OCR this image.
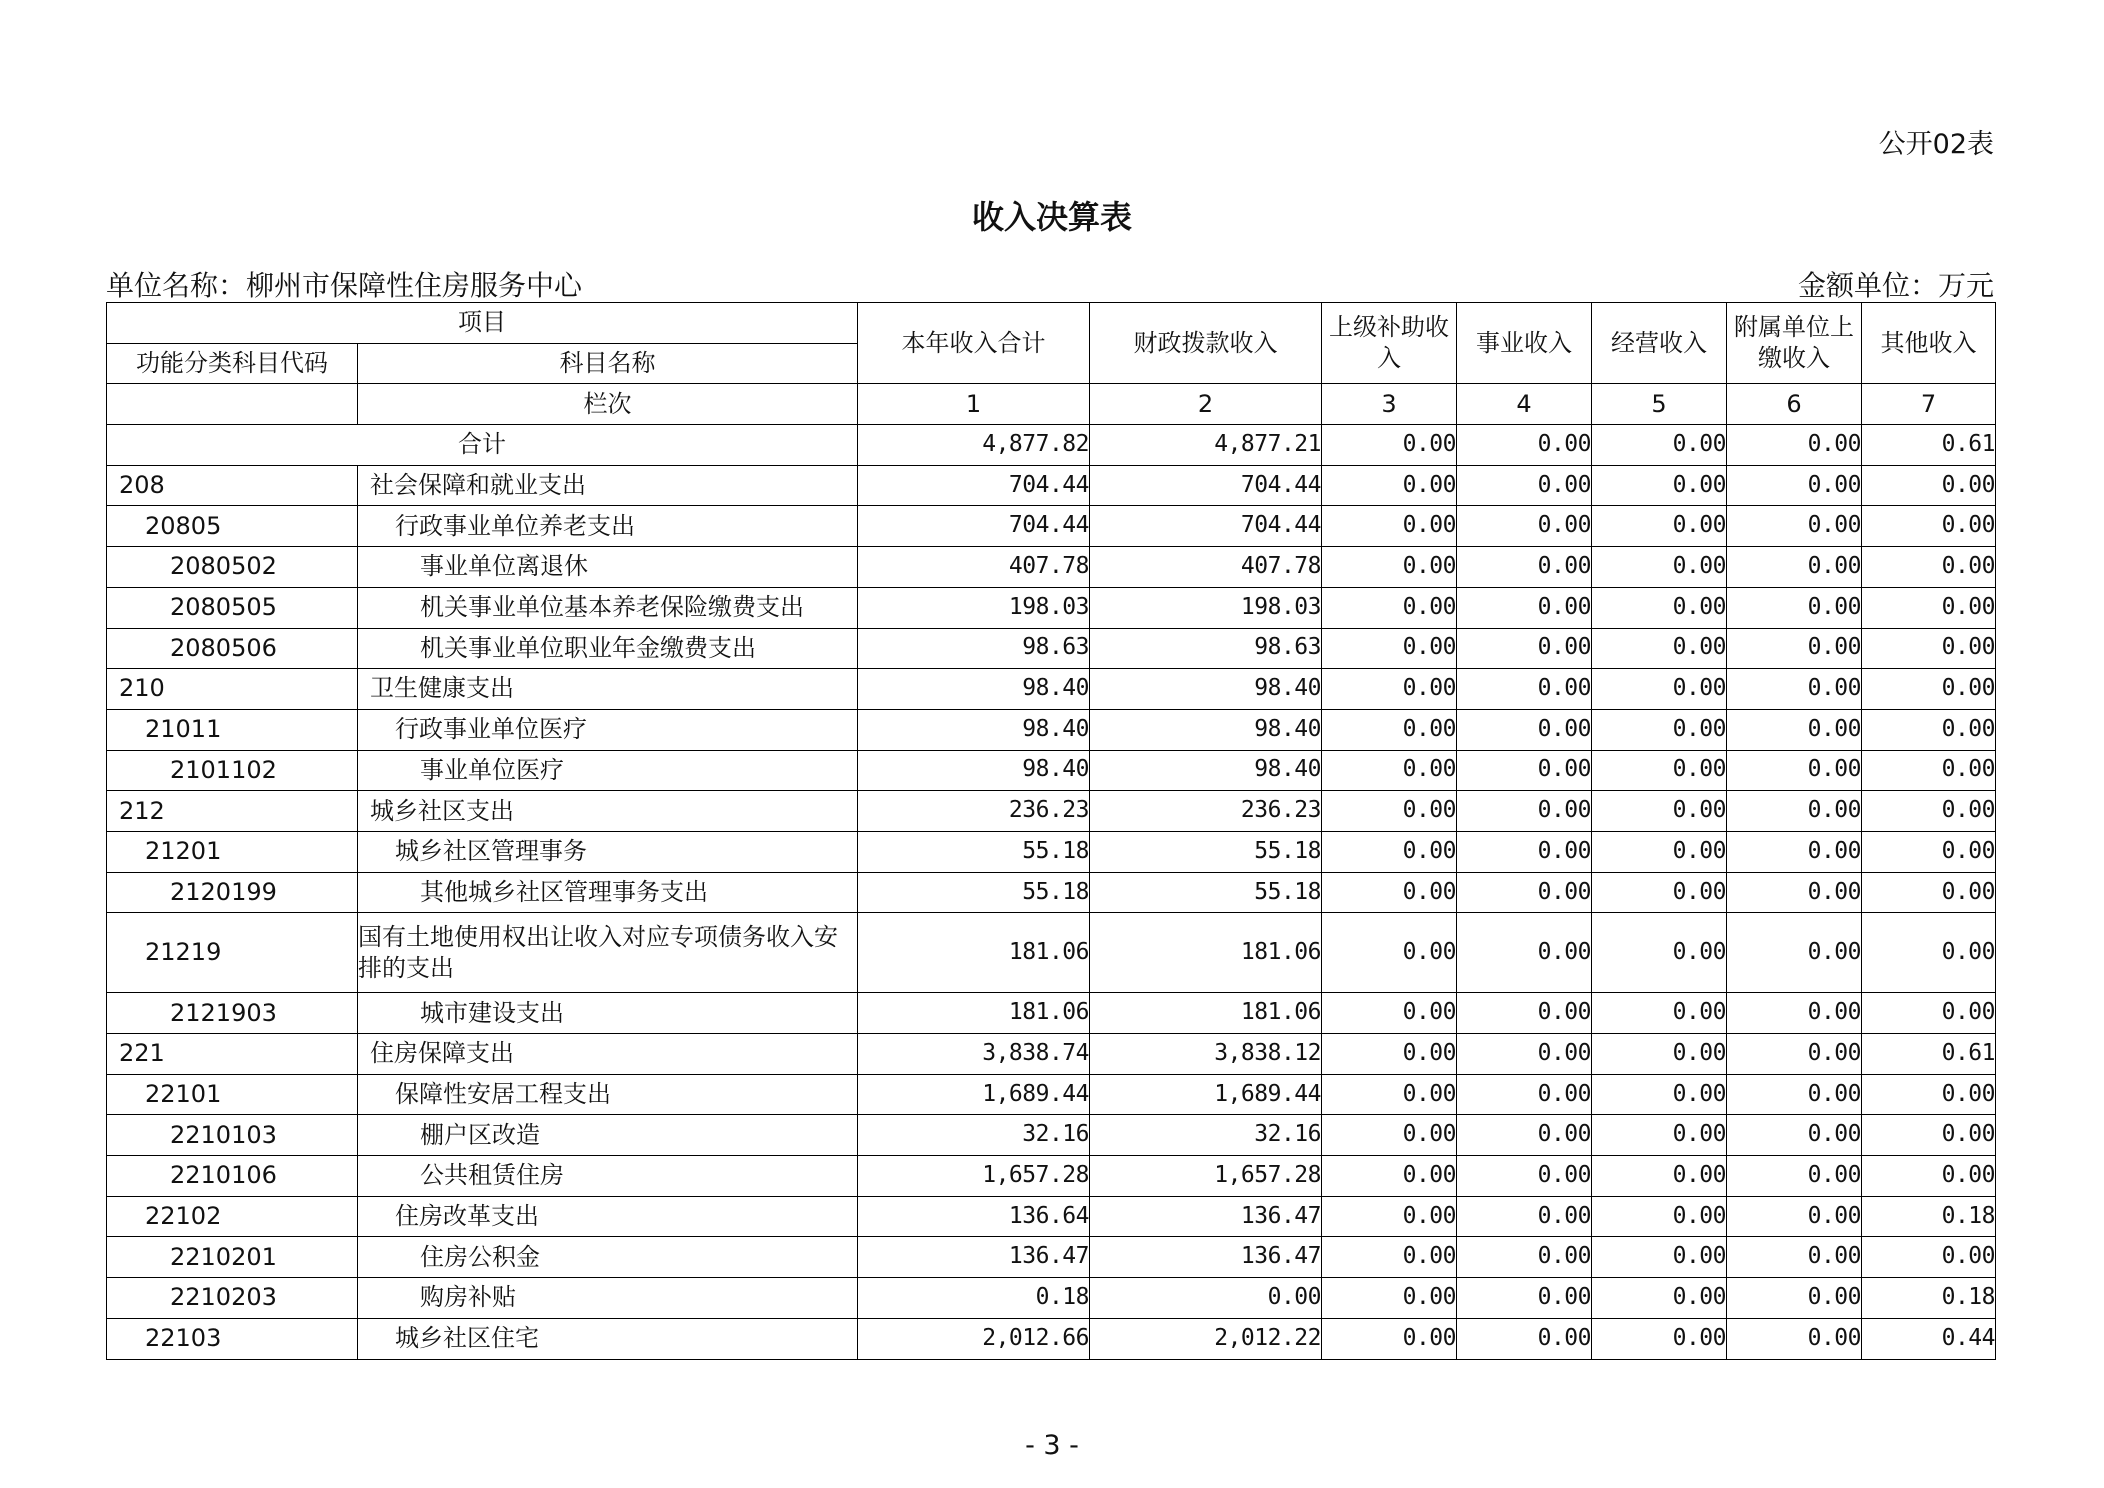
公开02表
收入决算表
单位名称：柳州市保障性住房服务中心	金额单位：万元
项目		本年收入合计	财政拨款收入	上级补助收入	事业收入	经营收入	附属单位上缴收入	其他收入
功能分类科目代码	科目名称							
	栏次	1	2	3	4	5	6	7
合计		4,877.82	4,877.21	0.00	0.00	0.00	0.00	0.61
208	社会保障和就业支出	704.44	704.44	0.00	0.00	0.00	0.00	0.00
20805	行政事业单位养老支出	704.44	704.44	0.00	0.00	0.00	0.00	0.00
2080502	事业单位离退休	407.78	407.78	0.00	0.00	0.00	0.00	0.00
2080505	机关事业单位基本养老保险缴费支出	198.03	198.03	0.00	0.00	0.00	0.00	0.00
2080506	机关事业单位职业年金缴费支出	98.63	98.63	0.00	0.00	0.00	0.00	0.00
210	卫生健康支出	98.40	98.40	0.00	0.00	0.00	0.00	0.00
21011	行政事业单位医疗	98.40	98.40	0.00	0.00	0.00	0.00	0.00
2101102	事业单位医疗	98.40	98.40	0.00	0.00	0.00	0.00	0.00
212	城乡社区支出	236.23	236.23	0.00	0.00	0.00	0.00	0.00
21201	城乡社区管理事务	55.18	55.18	0.00	0.00	0.00	0.00	0.00
2120199	其他城乡社区管理事务支出	55.18	55.18	0.00	0.00	0.00	0.00	0.00
21219	国有土地使用权出让收入对应专项债务收入安排的支出	181.06	181.06	0.00	0.00	0.00	0.00	0.00
2121903	城市建设支出	181.06	181.06	0.00	0.00	0.00	0.00	0.00
221	住房保障支出	3,838.74	3,838.12	0.00	0.00	0.00	0.00	0.61
22101	保障性安居工程支出	1,689.44	1,689.44	0.00	0.00	0.00	0.00	0.00
2210103	棚户区改造	32.16	32.16	0.00	0.00	0.00	0.00	0.00
2210106	公共租赁住房	1,657.28	1,657.28	0.00	0.00	0.00	0.00	0.00
22102	住房改革支出	136.64	136.47	0.00	0.00	0.00	0.00	0.18
2210201	住房公积金	136.47	136.47	0.00	0.00	0.00	0.00	0.00
2210203	购房补贴	0.18	0.00	0.00	0.00	0.00	0.00	0.18
22103	城乡社区住宅	2,012.66	2,012.22	0.00	0.00	0.00	0.00	0.44
- 3 -
